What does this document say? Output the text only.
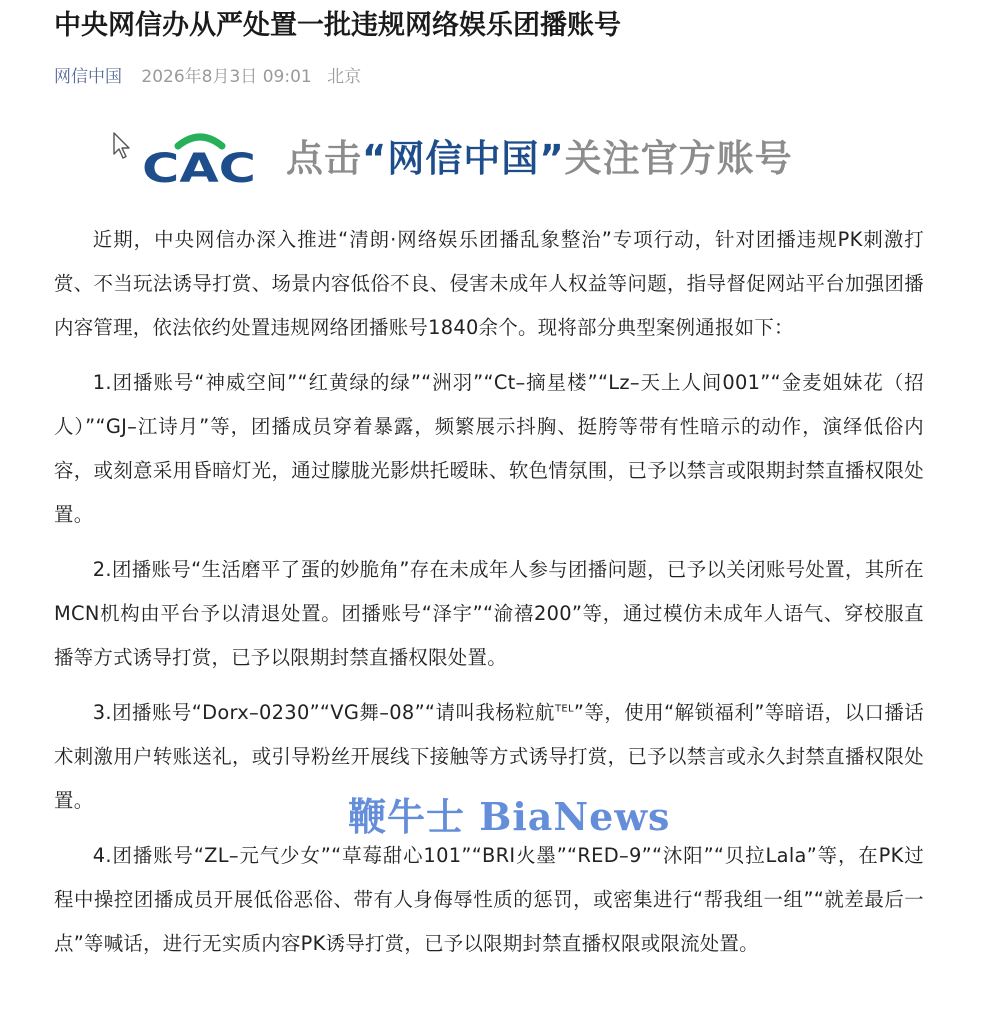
中央网信办从严处置一批违规网络娱乐团播账号
网信中国 2026年8月3日 09:01 北京
CAC 点击“网信中国”关注官方账号

近期，中央网信办深入推进“清朗·网络娱乐团播乱象整治”专项行动，针对团播违规PK刺激打赏、不当玩法诱导打赏、场景内容低俗不良、侵害未成年人权益等问题，指导督促网站平台加强团播内容管理，依法依约处置违规网络团播账号1840余个。现将部分典型案例通报如下：

1.团播账号“神威空间”“红黄绿的绿”“洲羽”“Ct–摘星楼”“Lz–天上人间001”“金麦姐妹花（招人）”“GJ–江诗月”等，团播成员穿着暴露，频繁展示抖胸、挺胯等带有性暗示的动作，演绎低俗内容，或刻意采用昏暗灯光，通过朦胧光影烘托暧昧、软色情氛围，已予以禁言或限期封禁直播权限处置。

2.团播账号“生活磨平了蛋的妙脆角”存在未成年人参与团播问题，已予以关闭账号处置，其所在MCN机构由平台予以清退处置。团播账号“泽宇”“渝禧200”等，通过模仿未成年人语气、穿校服直播等方式诱导打赏，已予以限期封禁直播权限处置。

3.团播账号“Dorx–0230”“VG舞–08”“请叫我杨粒航$^{TEL}$”等，使用“解锁福利”等暗语，以口播话术刺激用户转账送礼，或引导粉丝开展线下接触等方式诱导打赏，已予以禁言或永久封禁直播权限处置。

4.团播账号“ZL–元气少女”“草莓甜心101”“BRI火墨”“RED–9”“沐阳”“贝拉Lala”等，在PK过程中操控团播成员开展低俗恶俗、带有人身侮辱性质的惩罚，或密集进行“帮我组一组”“就差最后一点”等喊话，进行无实质内容PK诱导打赏，已予以限期封禁直播权限或限流处置。

鞭牛士 BiaNews
